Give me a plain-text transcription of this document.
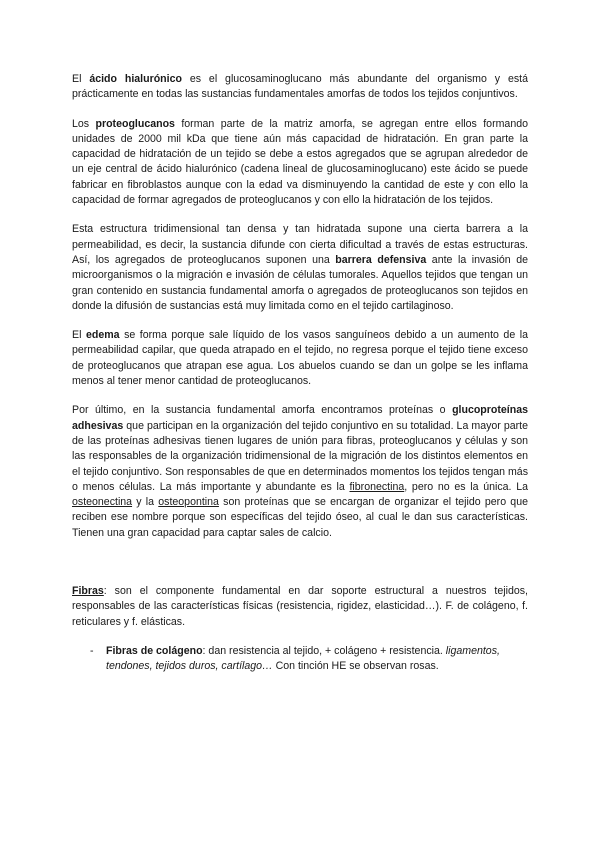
El ácido hialurónico es el glucosaminoglucano más abundante del organismo y está prácticamente en todas las sustancias fundamentales amorfas de todos los tejidos conjuntivos.

Los proteoglucanos forman parte de la matriz amorfa, se agregan entre ellos formando unidades de 2000 mil kDa que tiene aún más capacidad de hidratación. En gran parte la capacidad de hidratación de un tejido se debe a estos agregados que se agrupan alrededor de un eje central de ácido hialurónico (cadena lineal de glucosaminoglucano) este ácido se puede fabricar en fibroblastos aunque con la edad va disminuyendo la cantidad de este y con ello la capacidad de formar agregados de proteoglucanos y con ello la hidratación de los tejidos.

Esta estructura tridimensional tan densa y tan hidratada supone una cierta barrera a la permeabilidad, es decir, la sustancia difunde con cierta dificultad a través de estas estructuras. Así, los agregados de proteoglucanos suponen una barrera defensiva ante la invasión de microorganismos o la migración e invasión de células tumorales. Aquellos tejidos que tengan un gran contenido en sustancia fundamental amorfa o agregados de proteoglucanos son tejidos en donde la difusión de sustancias está muy limitada como en el tejido cartilaginoso.

El edema se forma porque sale líquido de los vasos sanguíneos debido a un aumento de la permeabilidad capilar, que queda atrapado en el tejido, no regresa porque el tejido tiene exceso de proteoglucanos que atrapan ese agua. Los abuelos cuando se dan un golpe se les inflama menos al tener menor cantidad de proteoglucanos.

Por último, en la sustancia fundamental amorfa encontramos proteínas o glucoproteínas adhesivas que participan en la organización del tejido conjuntivo en su totalidad. La mayor parte de las proteínas adhesivas tienen lugares de unión para fibras, proteoglucanos y células y son las responsables de la organización tridimensional de la migración de los distintos elementos en el tejido conjuntivo. Son responsables de que en determinados momentos los tejidos tengan más o menos células. La más importante y abundante es la fibronectina, pero no es la única. La osteonectina y la osteopontina son proteínas que se encargan de organizar el tejido pero que reciben ese nombre porque son específicas del tejido óseo, al cual le dan sus características. Tienen una gran capacidad para captar sales de calcio.

Fibras: son el componente fundamental en dar soporte estructural a nuestros tejidos, responsables de las características físicas (resistencia, rigidez, elasticidad…). F. de colágeno, f. reticulares y f. elásticas.

-	Fibras de colágeno: dan resistencia al tejido, + colágeno + resistencia. ligamentos, tendones, tejidos duros, cartílago… Con tinción HE se observan rosas.
